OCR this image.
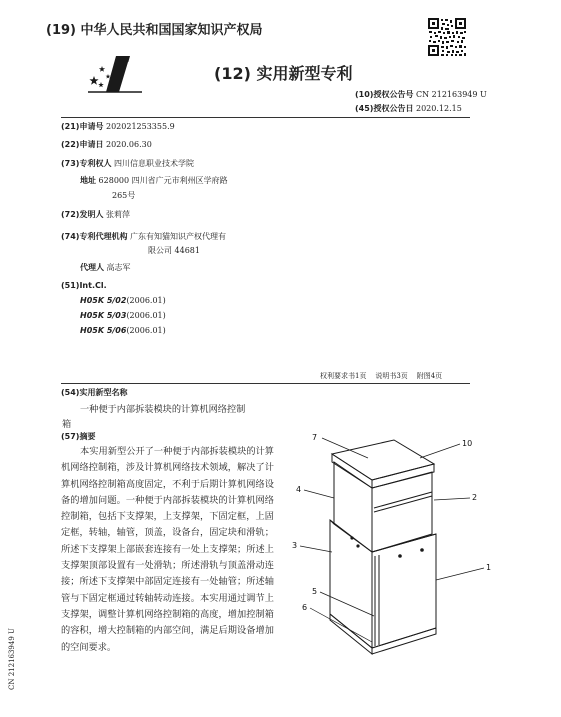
(19) 中华人民共和国国家知识产权局
(12) 实用新型专利
(10)授权公告号 CN 212163949 U
(45)授权公告日 2020.12.15
(21)申请号 202021253355.9
(22)申请日 2020.06.30
(73)专利权人 四川信息职业技术学院
地址 628000 四川省广元市利州区学府路
265号
(72)发明人 张莉萍
(74)专利代理机构 广东有知猫知识产权代理有
限公司 44681
代理人 高志军
(51)Int.Cl.
H05K 5/02(2006.01)
H05K 5/03(2006.01)
H05K 5/06(2006.01)
权利要求书1页    说明书3页    附图4页
(54)实用新型名称
一种便于内部拆装模块的计算机网络控制
箱
(57)摘要
本实用新型公开了一种便于内部拆装模块的计算机网络控制箱，涉及计算机网络技术领域，解决了计算机网络控制箱高度固定，不利于后期计算机网络设备的增加问题。一种便于内部拆装模块的计算机网络控制箱，包括下支撑架，上支撑架，下固定框，上固定框，转轴，轴管，顶盖，设备台，固定块和滑轨；所述下支撑架上部嵌套连接有一处上支撑架；所述上支撑架顶部设置有一处滑轨；所述滑轨与顶盖滑动连接；所述下支撑架中部固定连接有一处轴管；所述轴管与下固定框通过转轴转动连接。本实用通过调节上支撑架，调整计算机网络控制箱的高度，增加控制箱的容积，增大控制箱的内部空间，满足后期设备增加的空间要求。
7
10
4
2
3
1
5
6
CN 212163949 U
